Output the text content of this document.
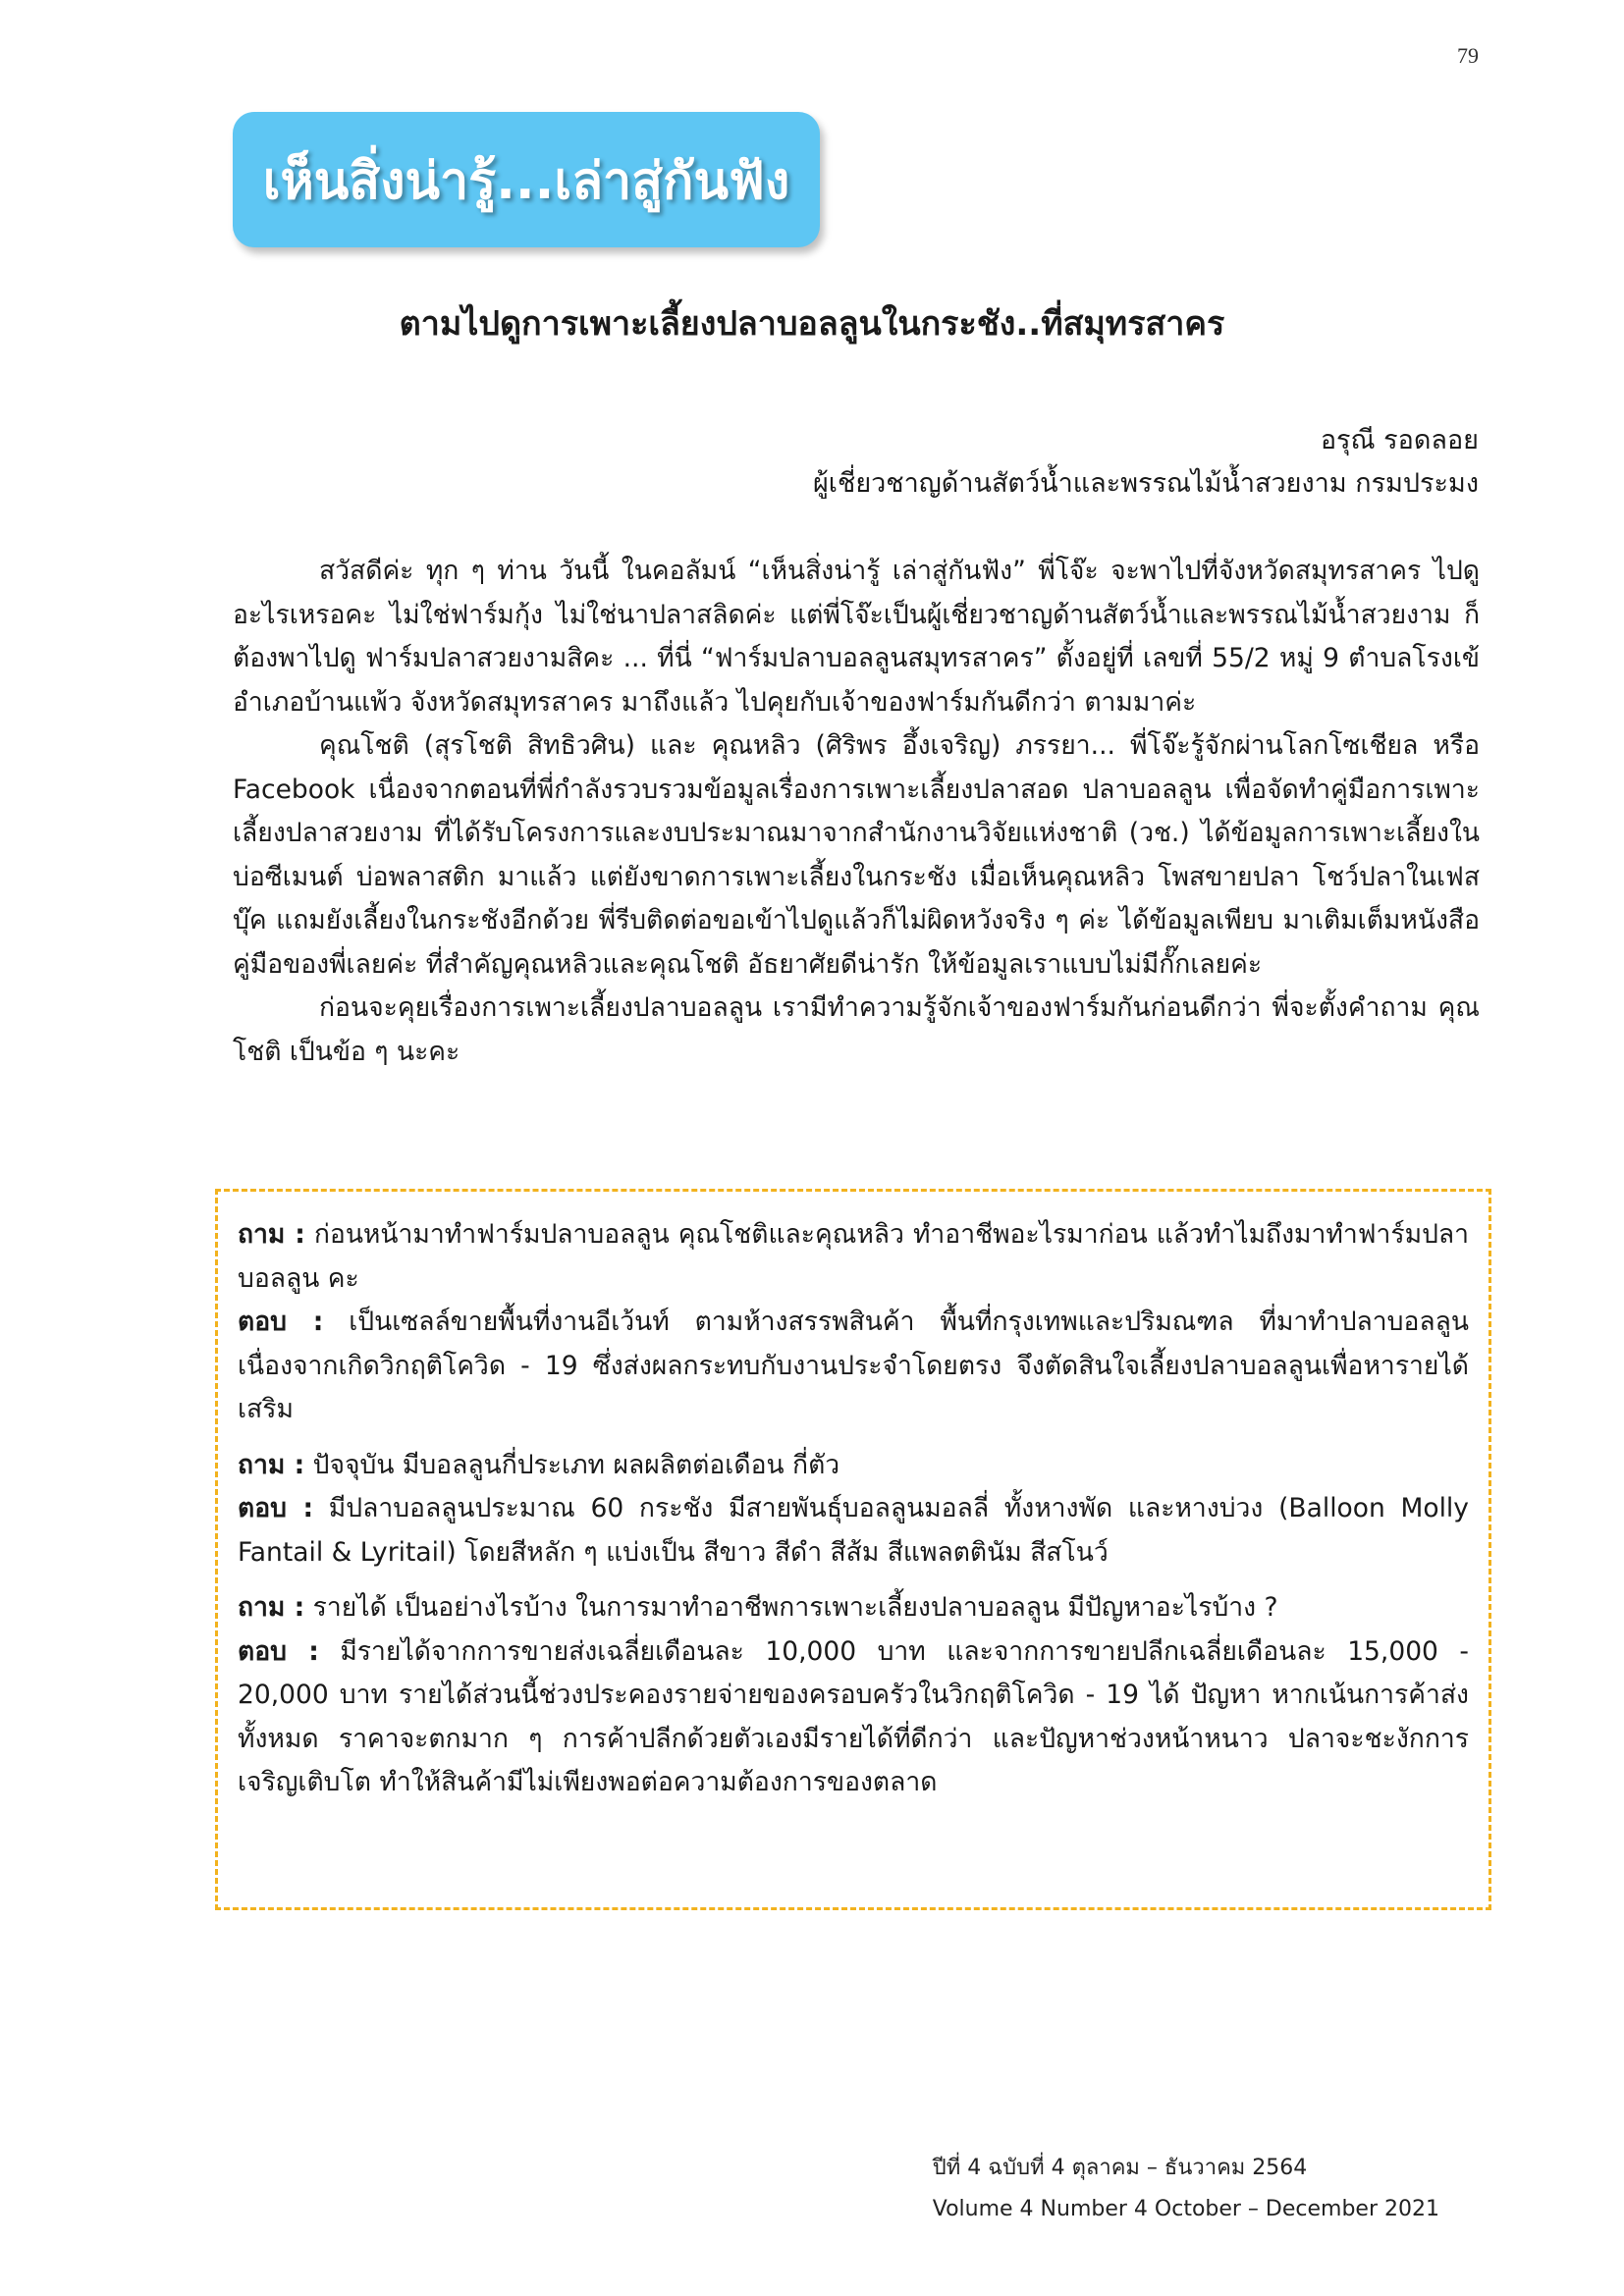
79
เห็นสิ่งน่ารู้...เล่าสู่กันฟัง
ตามไปดูการเพาะเลี้ยงปลาบอลลูนในกระชัง..ที่สมุทรสาคร
อรุณี รอดลอย
ผู้เชี่ยวชาญด้านสัตว์น้ำและพรรณไม้น้ำสวยงาม กรมประมง

สวัสดีค่ะ ทุก ๆ ท่าน วันนี้ ในคอลัมน์ “เห็นสิ่งน่ารู้ เล่าสู่กันฟัง” พี่โจ๊ะ จะพาไปที่จังหวัดสมุทรสาคร ไปดูอะไรเหรอคะ ไม่ใช่ฟาร์มกุ้ง ไม่ใช่นาปลาสลิดค่ะ แต่พี่โจ๊ะเป็นผู้เชี่ยวชาญด้านสัตว์น้ำและพรรณไม้น้ำสวยงาม ก็ต้องพาไปดู ฟาร์มปลาสวยงามสิคะ ... ที่นี่ “ฟาร์มปลาบอลลูนสมุทรสาคร” ตั้งอยู่ที่ เลขที่ 55/2 หมู่ 9 ตำบลโรงเข้ อำเภอบ้านแพ้ว จังหวัดสมุทรสาคร มาถึงแล้ว ไปคุยกับเจ้าของฟาร์มกันดีกว่า ตามมาค่ะ

คุณโชติ (สุรโชติ สิทธิวศิน) และ คุณหลิว (ศิริพร อึ้งเจริญ) ภรรยา... พี่โจ๊ะรู้จักผ่านโลกโซเชียล หรือ Facebook เนื่องจากตอนที่พี่กำลังรวบรวมข้อมูลเรื่องการเพาะเลี้ยงปลาสอด ปลาบอลลูน เพื่อจัดทำคู่มือการเพาะเลี้ยงปลาสวยงาม ที่ได้รับโครงการและงบประมาณมาจากสำนักงานวิจัยแห่งชาติ (วช.) ได้ข้อมูลการเพาะเลี้ยงในบ่อซีเมนต์ บ่อพลาสติก มาแล้ว แต่ยังขาดการเพาะเลี้ยงในกระชัง เมื่อเห็นคุณหลิว โพสขายปลา โชว์ปลาในเฟสบุ๊ค แถมยังเลี้ยงในกระชังอีกด้วย พี่รีบติดต่อขอเข้าไปดูแล้วก็ไม่ผิดหวังจริง ๆ ค่ะ ได้ข้อมูลเพียบ มาเติมเต็มหนังสือคู่มือของพี่เลยค่ะ ที่สำคัญคุณหลิวและคุณโชติ อัธยาศัยดีน่ารัก ให้ข้อมูลเราแบบไม่มีกั๊กเลยค่ะ

ก่อนจะคุยเรื่องการเพาะเลี้ยงปลาบอลลูน เรามีทำความรู้จักเจ้าของฟาร์มกันก่อนดีกว่า พี่จะตั้งคำถาม คุณโชติ เป็นข้อ ๆ นะคะ

ถาม : ก่อนหน้ามาทำฟาร์มปลาบอลลูน คุณโชติและคุณหลิว ทำอาชีพอะไรมาก่อน แล้วทำไมถึงมาทำฟาร์มปลาบอลลูน คะ

ตอบ : เป็นเซลล์ขายพื้นที่งานอีเว้นท์ ตามห้างสรรพสินค้า พื้นที่กรุงเทพและปริมณฑล ที่มาทำปลาบอลลูน เนื่องจากเกิดวิกฤติโควิด - 19 ซึ่งส่งผลกระทบกับงานประจำโดยตรง จึงตัดสินใจเลี้ยงปลาบอลลูนเพื่อหารายได้เสริม

ถาม : ปัจจุบัน มีบอลลูนกี่ประเภท ผลผลิตต่อเดือน กี่ตัว

ตอบ : มีปลาบอลลูนประมาณ 60 กระชัง มีสายพันธุ์บอลลูนมอลลี่ ทั้งหางพัด และหางบ่วง (Balloon Molly Fantail & Lyritail) โดยสีหลัก ๆ แบ่งเป็น สีขาว สีดำ สีส้ม สีแพลตตินัม สีสโนว์

ถาม : รายได้ เป็นอย่างไรบ้าง ในการมาทำอาชีพการเพาะเลี้ยงปลาบอลลูน มีปัญหาอะไรบ้าง ?

ตอบ : มีรายได้จากการขายส่งเฉลี่ยเดือนละ 10,000 บาท และจากการขายปลีกเฉลี่ยเดือนละ 15,000 - 20,000 บาท รายได้ส่วนนี้ช่วงประคองรายจ่ายของครอบครัวในวิกฤติโควิด - 19 ได้ ปัญหา หากเน้นการค้าส่งทั้งหมด ราคาจะตกมาก ๆ การค้าปลีกด้วยตัวเองมีรายได้ที่ดีกว่า และปัญหาช่วงหน้าหนาว ปลาจะชะงักการเจริญเติบโต ทำให้สินค้ามีไม่เพียงพอต่อความต้องการของตลาด

ปีที่ 4 ฉบับที่ 4 ตุลาคม – ธันวาคม 2564
Volume 4 Number 4 October – December 2021
